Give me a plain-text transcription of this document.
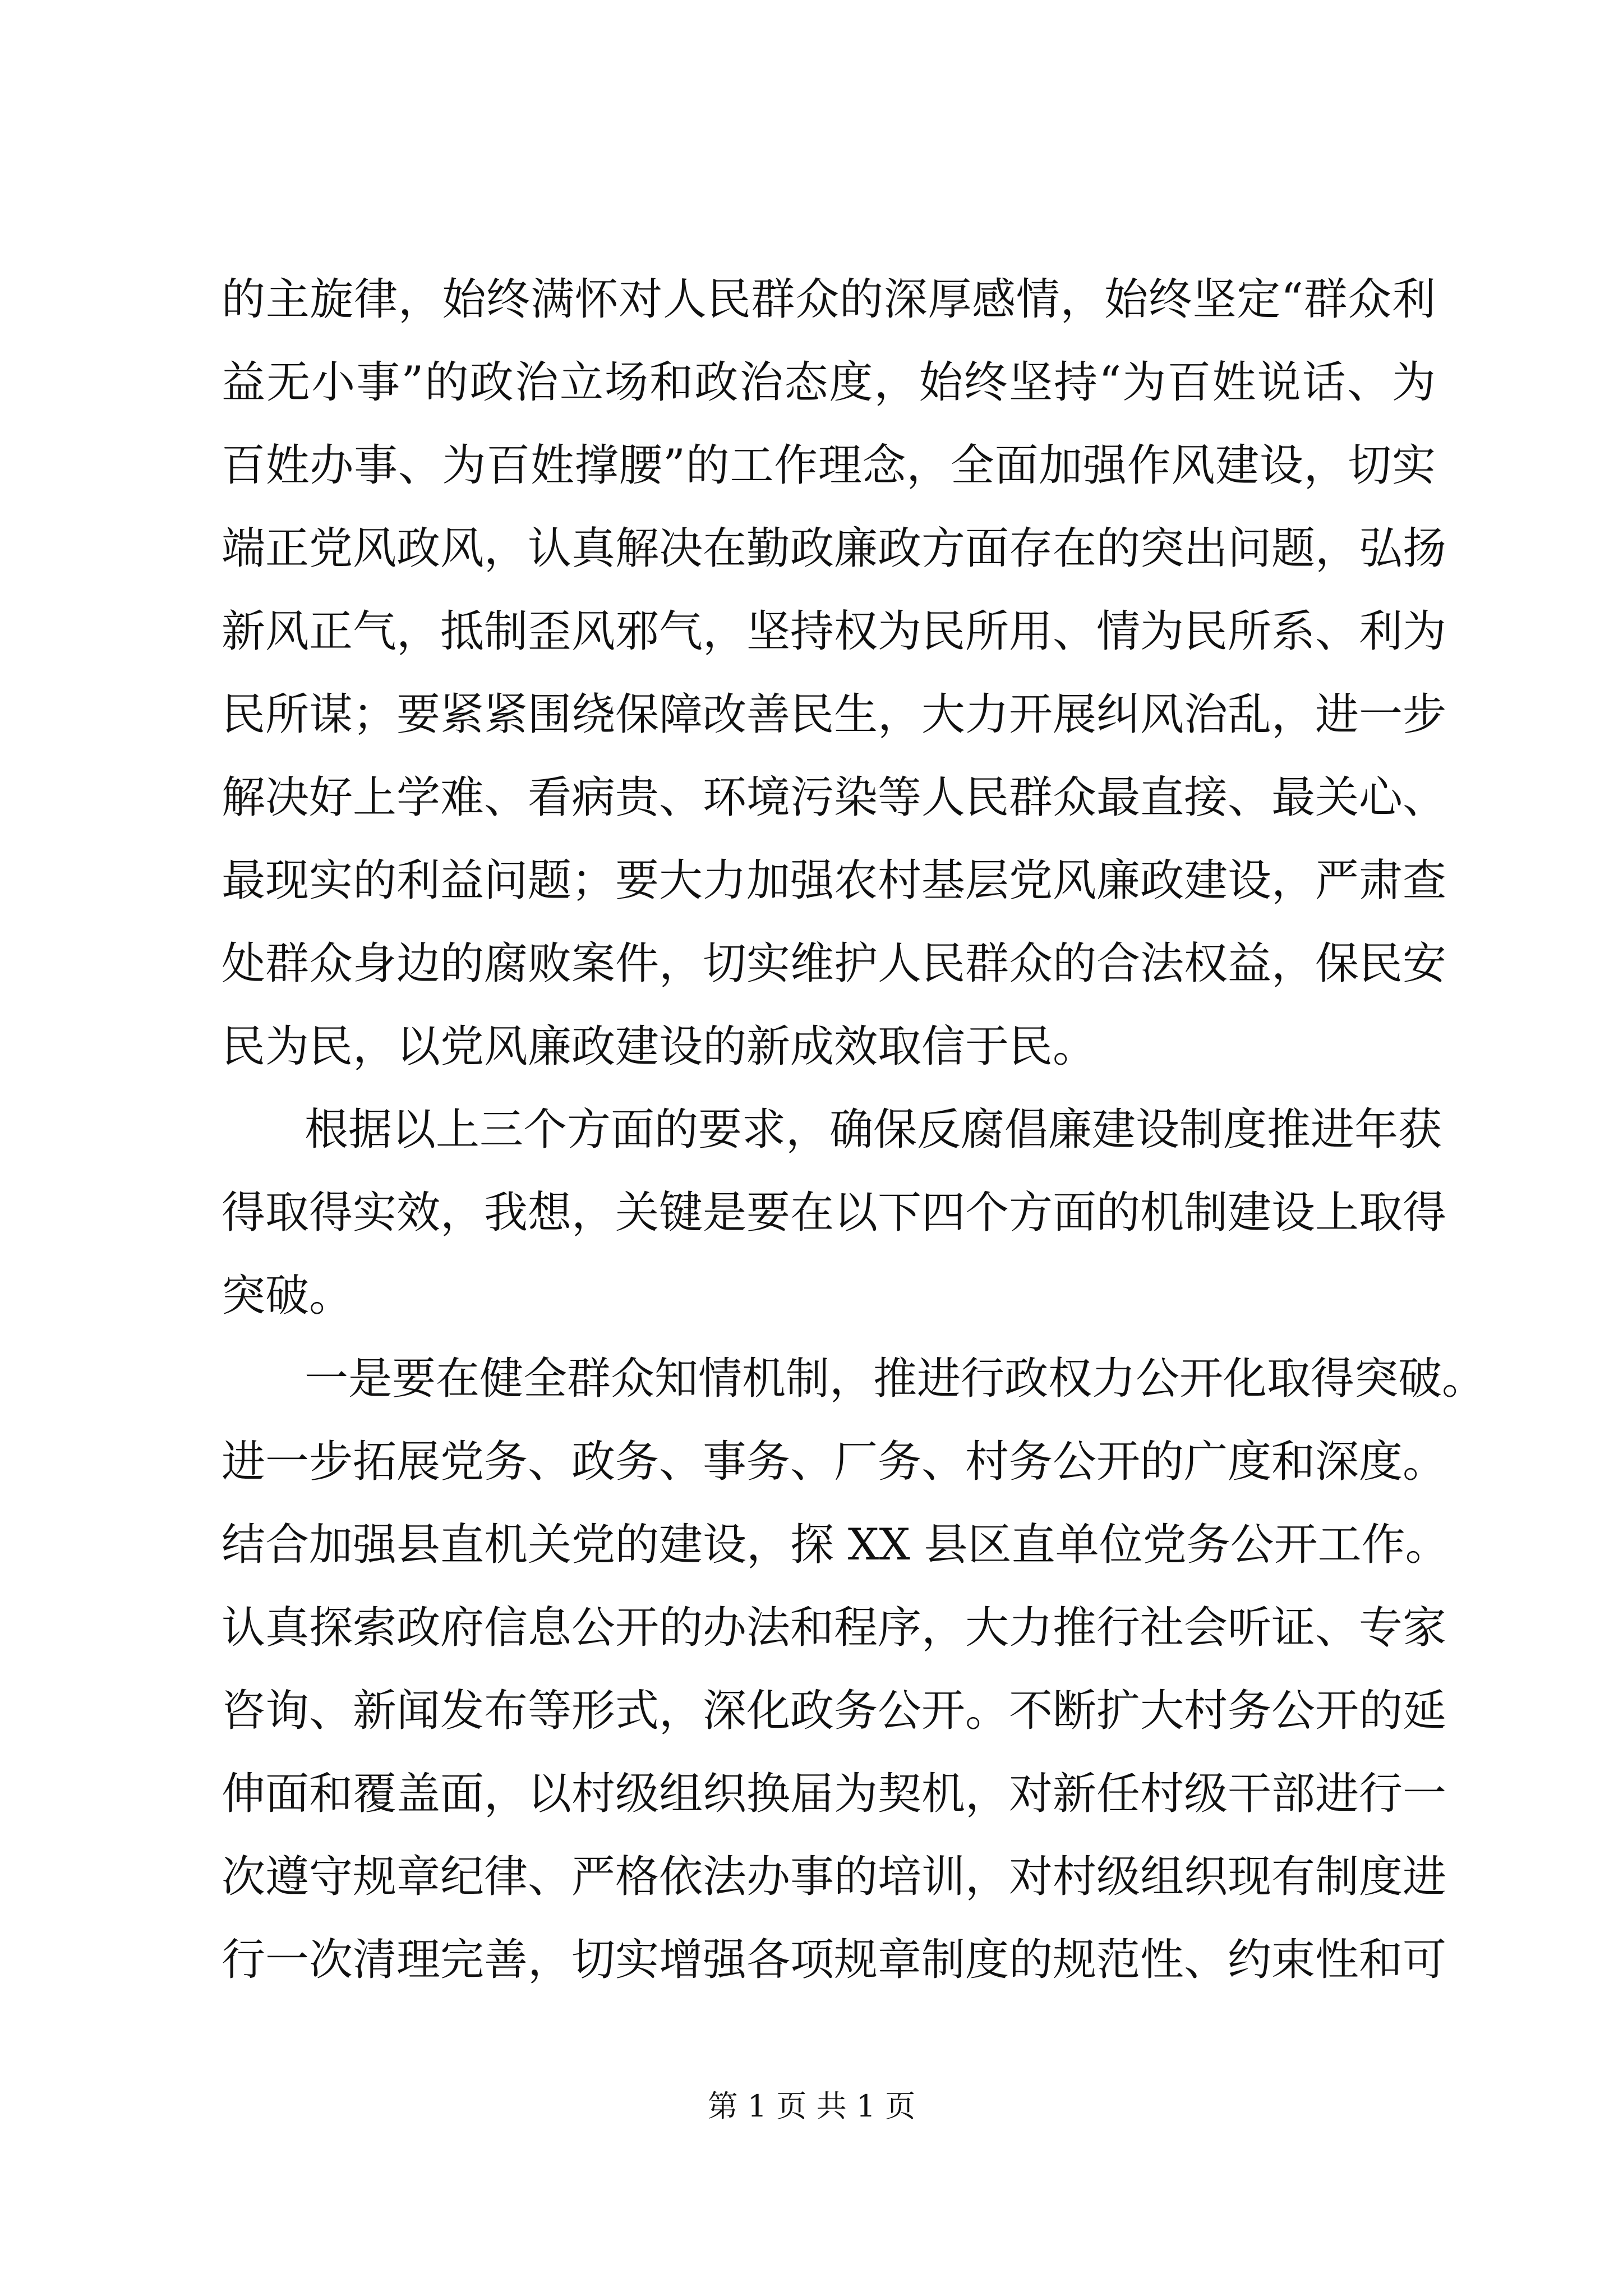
的主旋律，始终满怀对人民群众的深厚感情，始终坚定“群众利
益无小事”的政治立场和政治态度，始终坚持“为百姓说话、为
百姓办事、为百姓撑腰”的工作理念，全面加强作风建设，切实
端正党风政风，认真解决在勤政廉政方面存在的突出问题，弘扬
新风正气，抵制歪风邪气，坚持权为民所用、情为民所系、利为
民所谋；要紧紧围绕保障改善民生，大力开展纠风治乱，进一步
解决好上学难、看病贵、环境污染等人民群众最直接、最关心、
最现实的利益问题；要大力加强农村基层党风廉政建设，严肃查
处群众身边的腐败案件，切实维护人民群众的合法权益，保民安
民为民，以党风廉政建设的新成效取信于民。
根据以上三个方面的要求，确保反腐倡廉建设制度推进年获
得取得实效，我想，关键是要在以下四个方面的机制建设上取得
突破。
一是要在健全群众知情机制，推进行政权力公开化取得突破。
进一步拓展党务、政务、事务、厂务、村务公开的广度和深度。
结合加强县直机关党的建设，探 XX 县区直单位党务公开工作。
认真探索政府信息公开的办法和程序，大力推行社会听证、专家
咨询、新闻发布等形式，深化政务公开。不断扩大村务公开的延
伸面和覆盖面，以村级组织换届为契机，对新任村级干部进行一
次遵守规章纪律、严格依法办事的培训，对村级组织现有制度进
行一次清理完善，切实增强各项规章制度的规范性、约束性和可
第 1 页 共 1 页
